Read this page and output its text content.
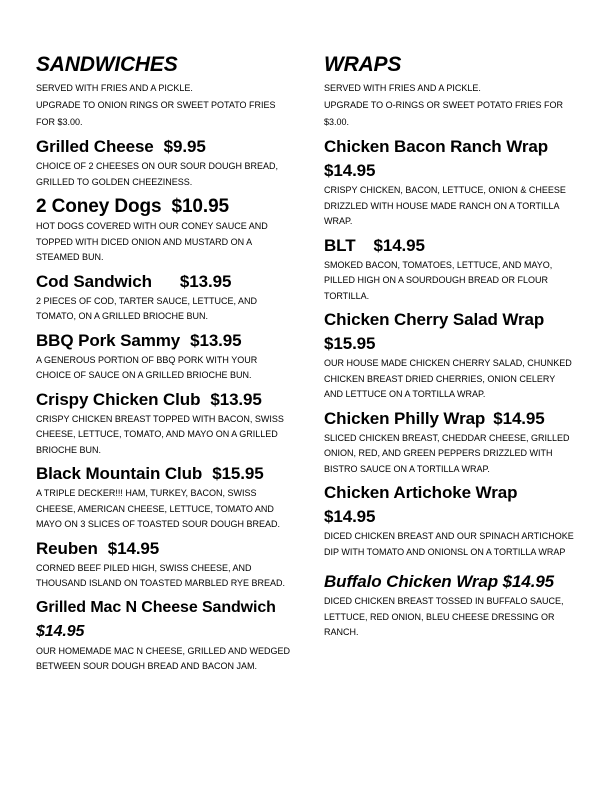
SANDWICHES
SERVED WITH FRIES AND A PICKLE.
UPGRADE TO ONION RINGS OR SWEET POTATO FRIES FOR $3.00.
Grilled Cheese $9.95
CHOICE OF 2 CHEESES ON OUR SOUR DOUGH BREAD, GRILLED TO GOLDEN CHEEZINESS.
2 Coney Dogs $10.95
HOT DOGS COVERED WITH OUR CONEY SAUCE AND TOPPED WITH DICED ONION AND MUSTARD ON A STEAMED BUN.
Cod Sandwich $13.95
2 PIECES OF COD, TARTER SAUCE, LETTUCE, AND TOMATO, ON A GRILLED BRIOCHE BUN.
BBQ Pork Sammy $13.95
A GENEROUS PORTION OF BBQ PORK WITH YOUR CHOICE OF SAUCE ON A GRILLED BRIOCHE BUN.
Crispy Chicken Club $13.95
CRISPY CHICKEN BREAST TOPPED WITH BACON, SWISS CHEESE, LETTUCE, TOMATO, AND MAYO ON A GRILLED BRIOCHE BUN.
Black Mountain Club $15.95
A TRIPLE DECKER!!! HAM, TURKEY, BACON, SWISS CHEESE, AMERICAN CHEESE, LETTUCE, TOMATO AND MAYO ON 3 SLICES OF TOASTED SOUR DOUGH BREAD.
Reuben $14.95
CORNED BEEF PILED HIGH, SWISS CHEESE, AND THOUSAND ISLAND ON TOASTED MARBLED RYE BREAD.
Grilled Mac N Cheese Sandwich
$14.95
OUR HOMEMADE MAC N CHEESE, GRILLED AND WEDGED BETWEEN SOUR DOUGH BREAD AND BACON JAM.
WRAPS
SERVED WITH FRIES AND A PICKLE.
UPGRADE TO O-RINGS OR SWEET POTATO FRIES FOR $3.00.
Chicken Bacon Ranch Wrap
$14.95
CRISPY CHICKEN, BACON, LETTUCE, ONION & CHEESE DRIZZLED WITH HOUSE MADE RANCH ON A TORTILLA WRAP.
BLT $14.95
SMOKED BACON, TOMATOES, LETTUCE, AND MAYO, PILLED HIGH ON A SOURDOUGH BREAD OR FLOUR TORTILLA.
Chicken Cherry Salad Wrap
$15.95
OUR HOUSE MADE CHICKEN CHERRY SALAD, CHUNKED CHICKEN BREAST DRIED CHERRIES, ONION CELERY AND LETTUCE ON A TORTILLA WRAP.
Chicken Philly Wrap $14.95
SLICED CHICKEN BREAST, CHEDDAR CHEESE, GRILLED ONION, RED, AND GREEN PEPPERS DRIZZLED WITH BISTRO SAUCE ON A TORTILLA WRAP.
Chicken Artichoke Wrap
$14.95
DICED CHICKEN BREAST AND OUR SPINACH ARTICHOKE DIP WITH TOMATO AND ONIONSL ON A TORTILLA WRAP
Buffalo Chicken Wrap $14.95
DICED CHICKEN BREAST TOSSED IN BUFFALO SAUCE, LETTUCE, RED ONION, BLEU CHEESE DRESSING OR RANCH.
